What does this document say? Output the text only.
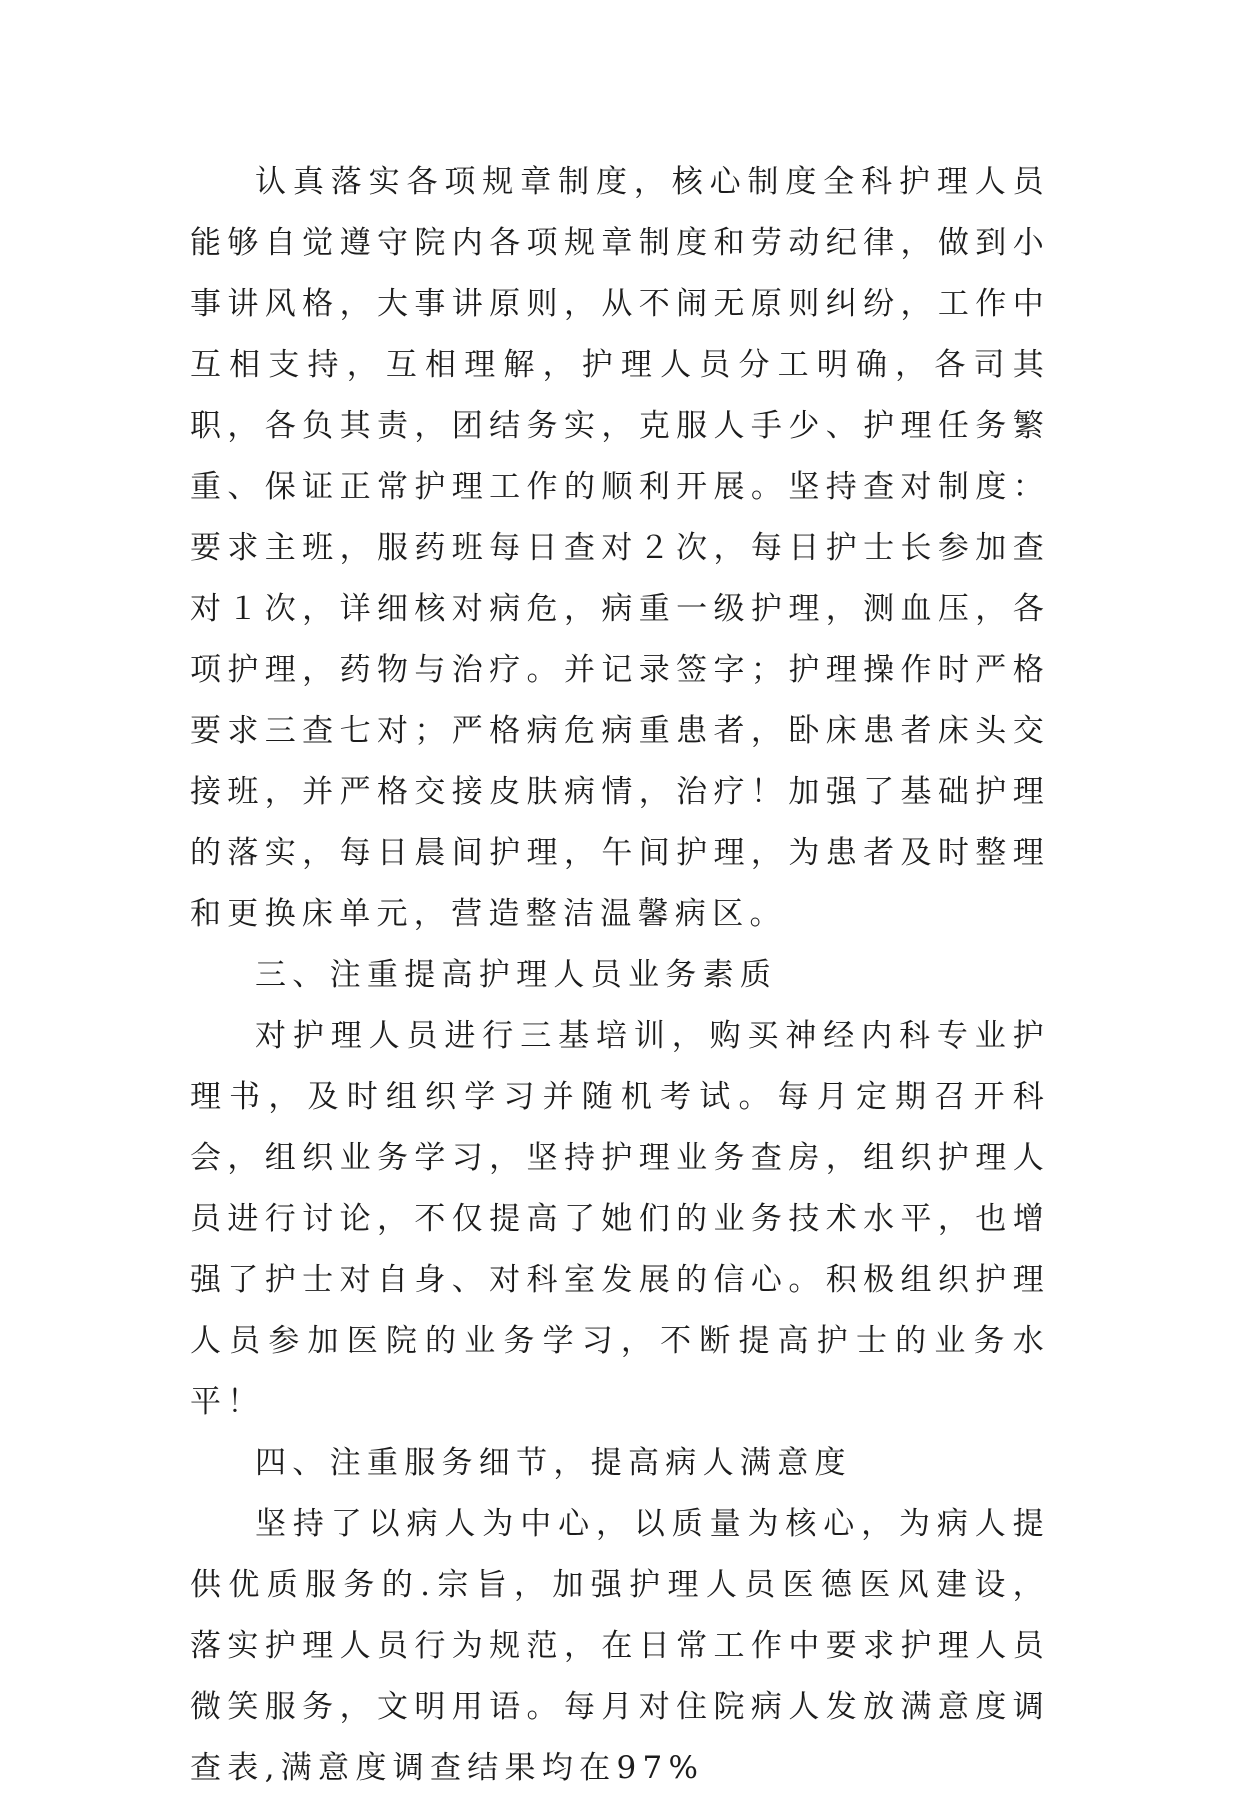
认真落实各项规章制度，核心制度全科护理人员能够自觉遵守院内各项规章制度和劳动纪律，做到小事讲风格，大事讲原则，从不闹无原则纠纷，工作中互相支持，互相理解，护理人员分工明确，各司其职，各负其责，团结务实，克服人手少、护理任务繁重、保证正常护理工作的顺利开展。坚持查对制度：要求主班，服药班每日查对２次，每日护士长参加查对１次，详细核对病危，病重一级护理，测血压，各项护理，药物与治疗。并记录签字；护理操作时严格要求三查七对；严格病危病重患者，卧床患者床头交接班，并严格交接皮肤病情，治疗！加强了基础护理的落实，每日晨间护理，午间护理，为患者及时整理和更换床单元，营造整洁温馨病区。

三、注重提高护理人员业务素质

对护理人员进行三基培训，购买神经内科专业护理书，及时组织学习并随机考试。每月定期召开科会，组织业务学习，坚持护理业务查房，组织护理人员进行讨论，不仅提高了她们的业务技术水平，也增强了护士对自身、对科室发展的信心。积极组织护理人员参加医院的业务学习，不断提高护士的业务水平！

四、注重服务细节，提高病人满意度

坚持了以病人为中心，以质量为核心，为病人提供优质服务的.宗旨，加强护理人员医德医风建设，落实护理人员行为规范，在日常工作中要求护理人员微笑服务，文明用语。每月对住院病人发放满意度调查表,满意度调查结果均在97%
